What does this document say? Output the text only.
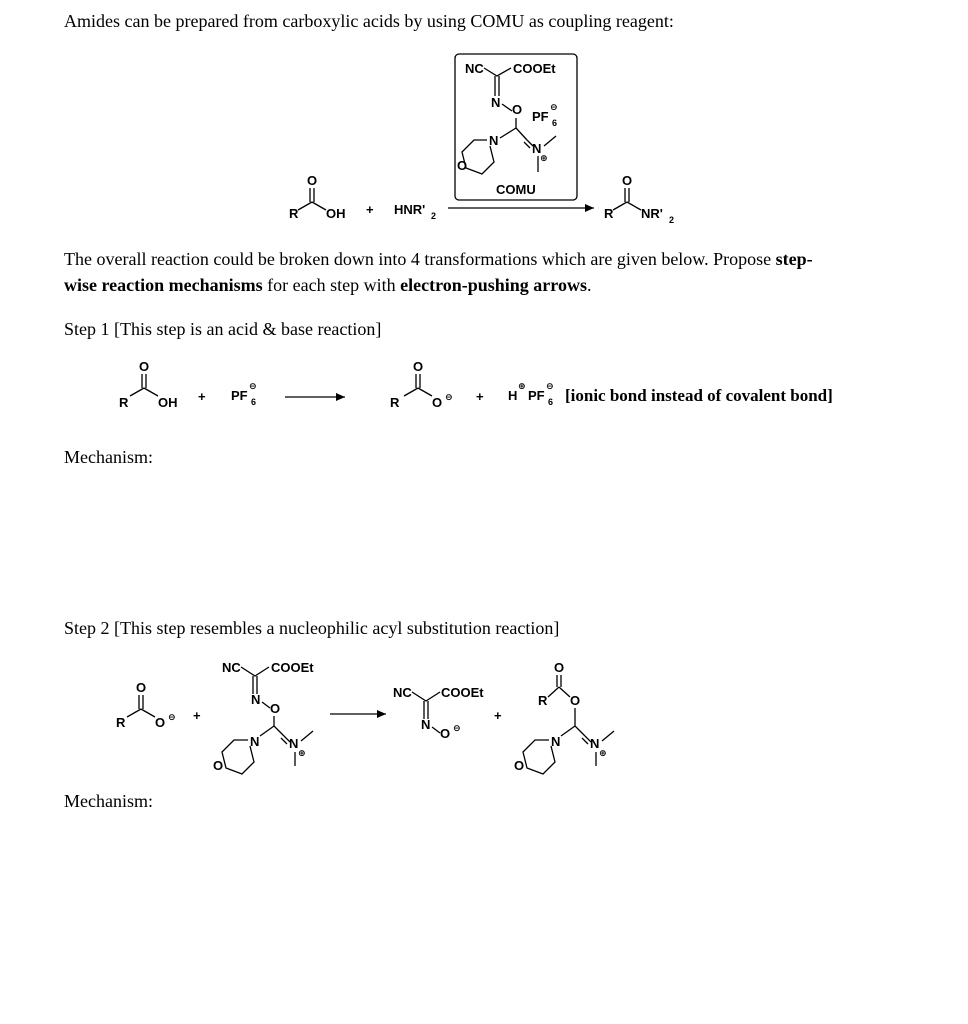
Amides can be prepared from carboxylic acids by using COMU as coupling reagent:
NC COOEt
N O PF 6
⊖
N
N
⊕
O
COMU
O
R OH + HNR' 2
O
R NR' 2
The overall reaction could be broken down into 4 transformations which are given below. Propose step-
wise reaction mechanisms for each step with electron-pushing arrows.
Step 1 [This step is an acid & base reaction]
O
R OH + PF 6
⊖
O
R	O ⊖ + H
⊕
PF 6
⊖ [ionic bond instead of covalent bond]
Mechanism:
Step 2 [This step resembles a nucleophilic acyl substitution reaction]
O
R O ⊖ +
NC COOEt
N
O
N N
⊕
O
NC COOEt
N
O ⊖
+
O
R O
N N
⊕
O
Mechanism:
